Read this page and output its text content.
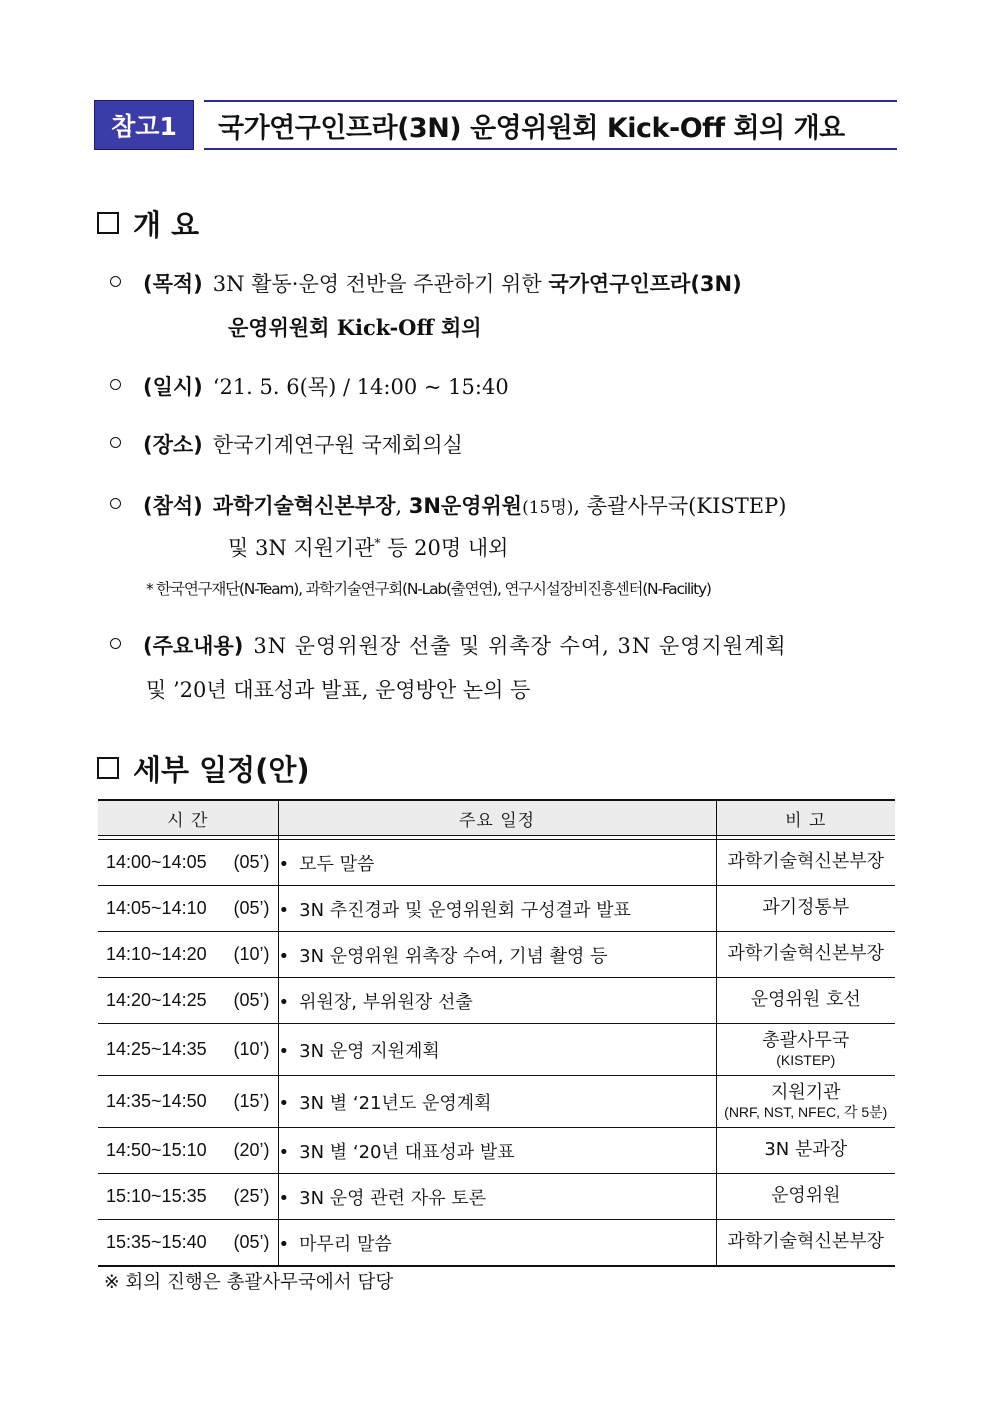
참고1	국가연구인프라(3N) 운영위원회 Kick-Off 회의 개요
개 요
(목적) 3N 활동·운영 전반을 주관하기 위한 국가연구인프라(3N)
운영위원회 Kick-Off 회의
(일시) ‘21. 5. 6(목) / 14:00 ~ 15:40
(장소) 한국기계연구원 국제회의실
(참석) 과학기술혁신본부장, 3N운영위원(15명), 총괄사무국(KISTEP)
및 3N 지원기관* 등 20명 내외
* 한국연구재단(N-Team), 과학기술연구회(N-Lab(출연연), 연구시설장비진흥센터(N-Facility)
(주요내용) 3N 운영위원장 선출 및 위촉장 수여, 3N 운영지원계획
및 ’20년 대표성과 발표, 운영방안 논의 등
세부 일정(안)
시 간	주요 일정	비 고

14:00~14:05 (05’)	• 모두 말씀	과학기술혁신본부장

14:05~14:10 (05’)	• 3N 추진경과 및 운영위원회 구성결과 발표	과기정통부

14:10~14:20 (10’)	• 3N 운영위원 위촉장 수여, 기념 촬영 등	과학기술혁신본부장

14:20~14:25 (05’)	• 위원장, 부위원장 선출	운영위원 호선

14:25~14:35 (10’)	• 3N 운영 지원계획	총괄사무국
(KISTEP)

14:35~14:50 (15’)	• 3N 별 ‘21년도 운영계획	지원기관
(NRF, NST, NFEC, 각 5분)

14:50~15:10 (20’)	• 3N 별 ‘20년 대표성과 발표	3N 분과장

15:10~15:35 (25’)	• 3N 운영 관련 자유 토론	운영위원

15:35~15:40 (05’)	• 마무리 말씀	과학기술혁신본부장
※ 회의 진행은 총괄사무국에서 담당
